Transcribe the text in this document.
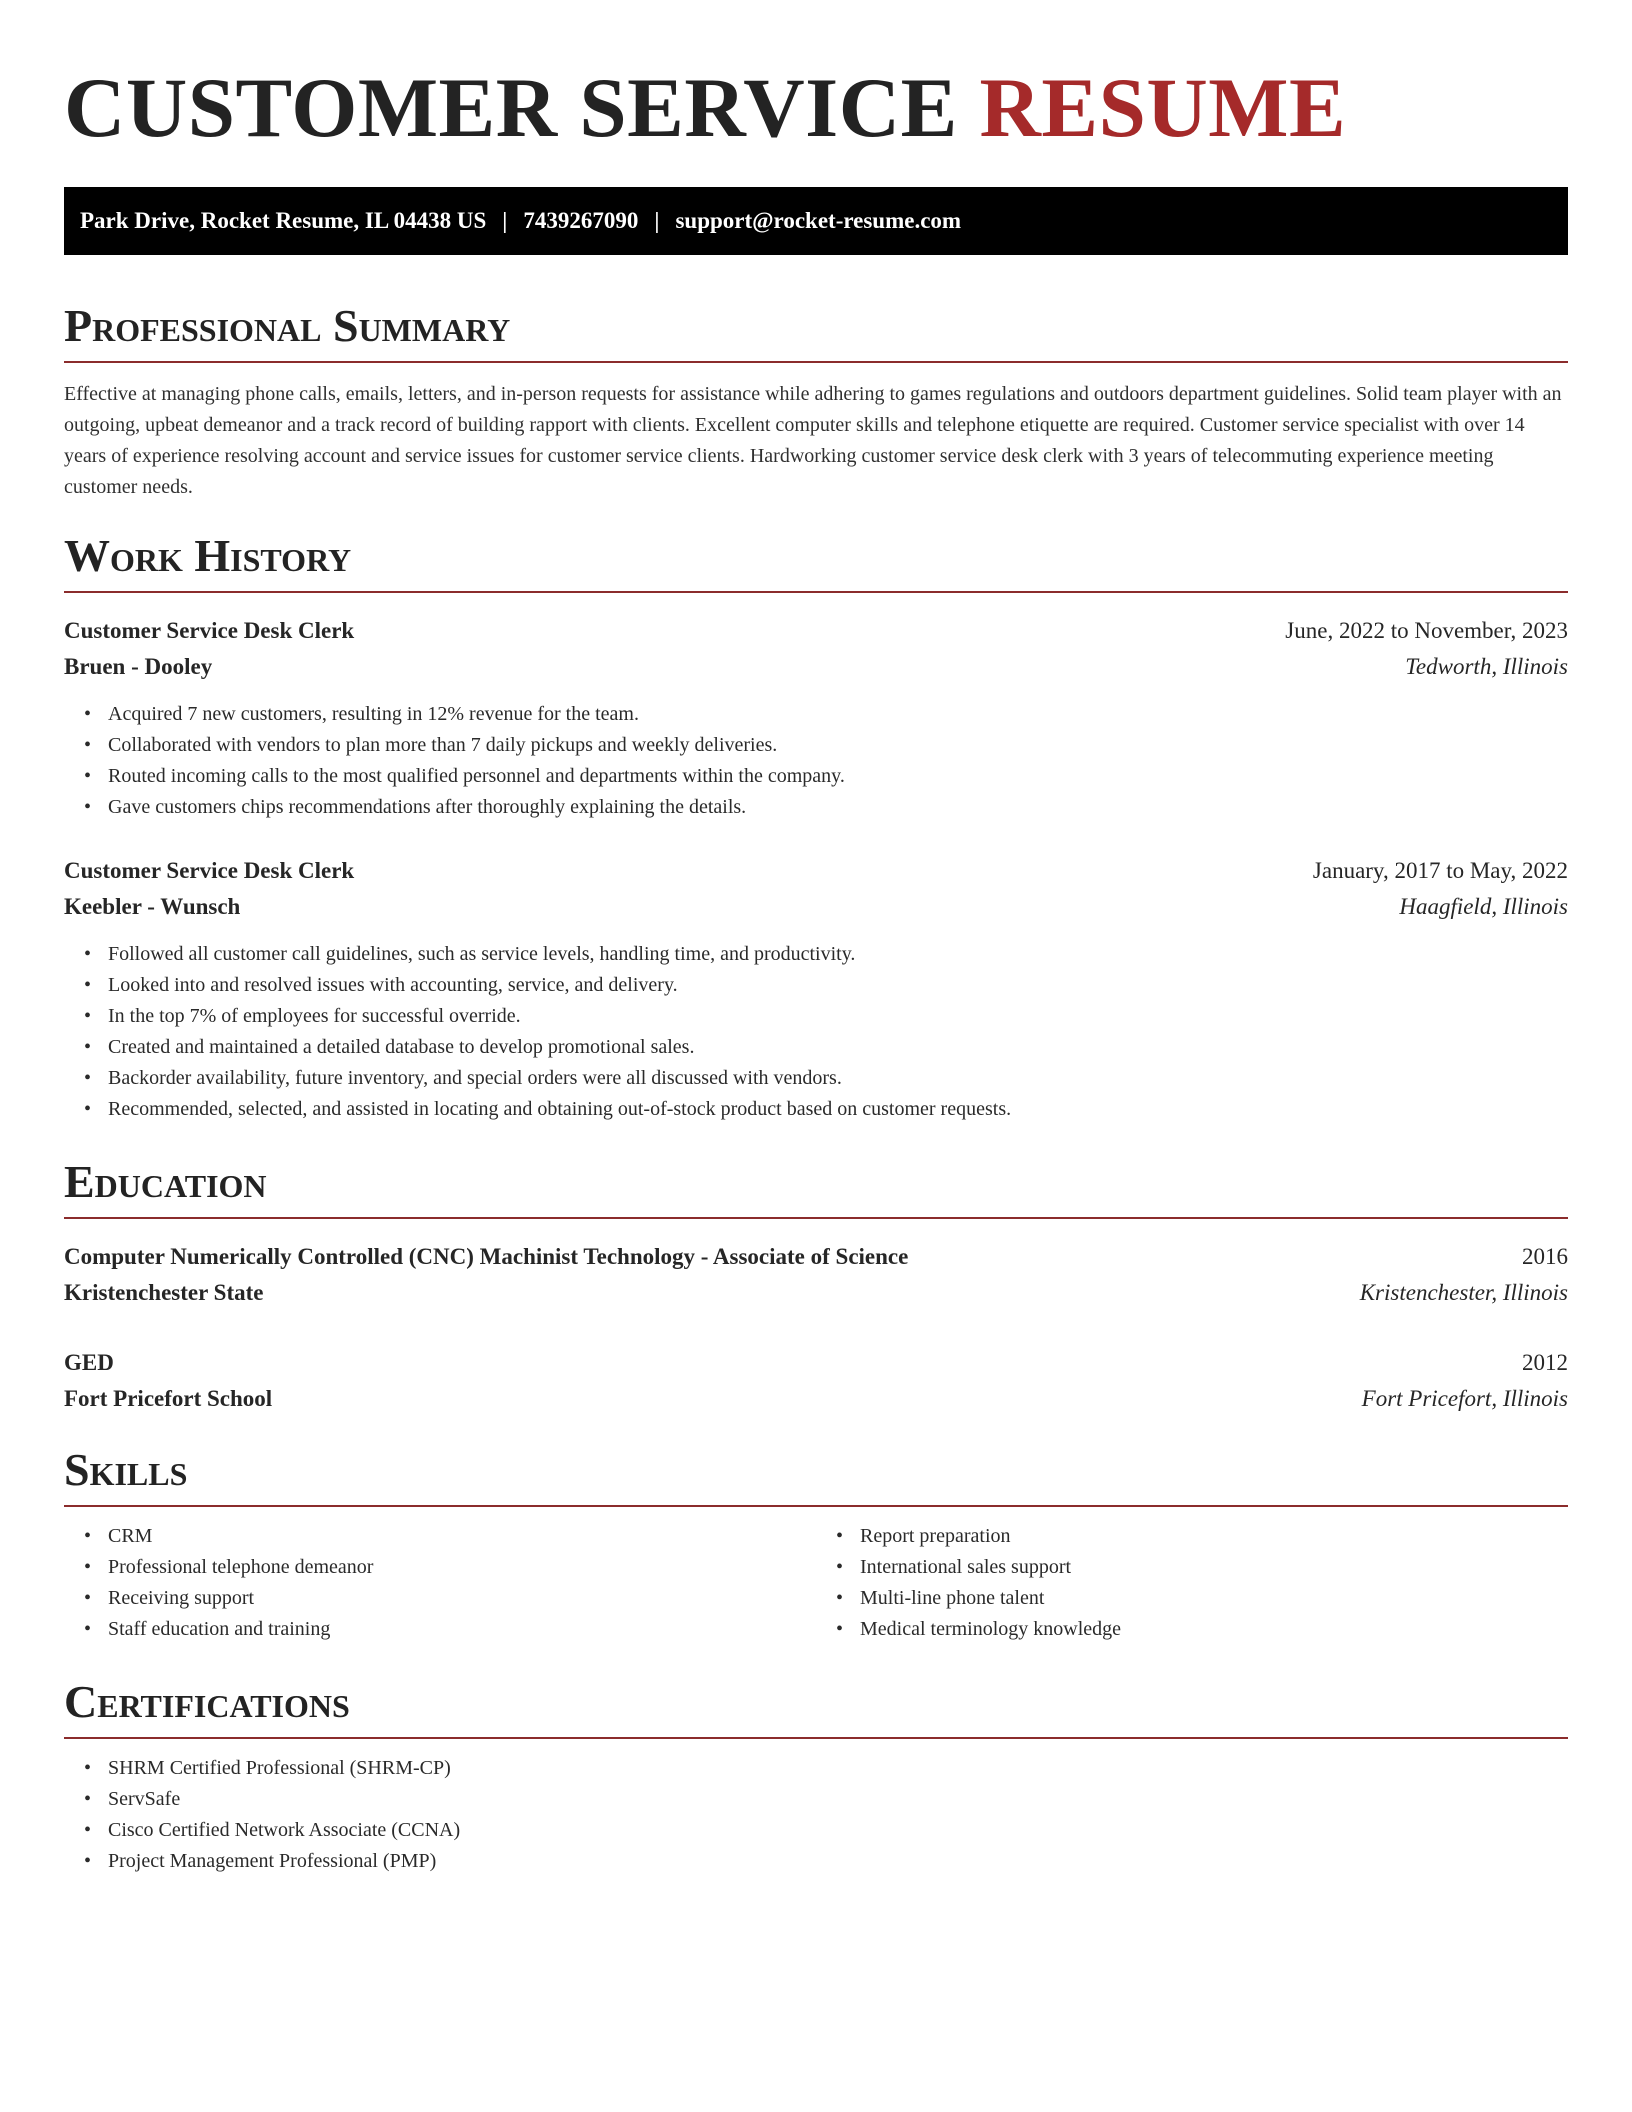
CUSTOMER SERVICE RESUME
Park Drive, Rocket Resume, IL 04438 US | 7439267090 | support@rocket-resume.com
Professional Summary

Effective at managing phone calls, emails, letters, and in-person requests for assistance while adhering to games regulations and outdoors department guidelines. Solid team player with an outgoing, upbeat demeanor and a track record of building rapport with clients. Excellent computer skills and telephone etiquette are required. Customer service specialist with over 14 years of experience resolving account and service issues for customer service clients. Hardworking customer service desk clerk with 3 years of telecommuting experience meeting customer needs.

Work History
Customer Service Desk Clerk	June, 2022 to November, 2023
Bruen - Dooley	Tedworth, Illinois
• Acquired 7 new customers, resulting in 12% revenue for the team.
• Collaborated with vendors to plan more than 7 daily pickups and weekly deliveries.
• Routed incoming calls to the most qualified personnel and departments within the company.
• Gave customers chips recommendations after thoroughly explaining the details.
Customer Service Desk Clerk	January, 2017 to May, 2022
Keebler - Wunsch	Haagfield, Illinois
• Followed all customer call guidelines, such as service levels, handling time, and productivity.
• Looked into and resolved issues with accounting, service, and delivery.
• In the top 7% of employees for successful override.
• Created and maintained a detailed database to develop promotional sales.
• Backorder availability, future inventory, and special orders were all discussed with vendors.
• Recommended, selected, and assisted in locating and obtaining out-of-stock product based on customer requests.
Education
Computer Numerically Controlled (CNC) Machinist Technology - Associate of Science	2016
Kristenchester State	Kristenchester, Illinois
GED	2012
Fort Pricefort School	Fort Pricefort, Illinois
Skills
• CRM
• Professional telephone demeanor
• Receiving support
• Staff education and training
• Report preparation
• International sales support
• Multi-line phone talent
• Medical terminology knowledge
Certifications
• SHRM Certified Professional (SHRM-CP)
• ServSafe
• Cisco Certified Network Associate (CCNA)
• Project Management Professional (PMP)
